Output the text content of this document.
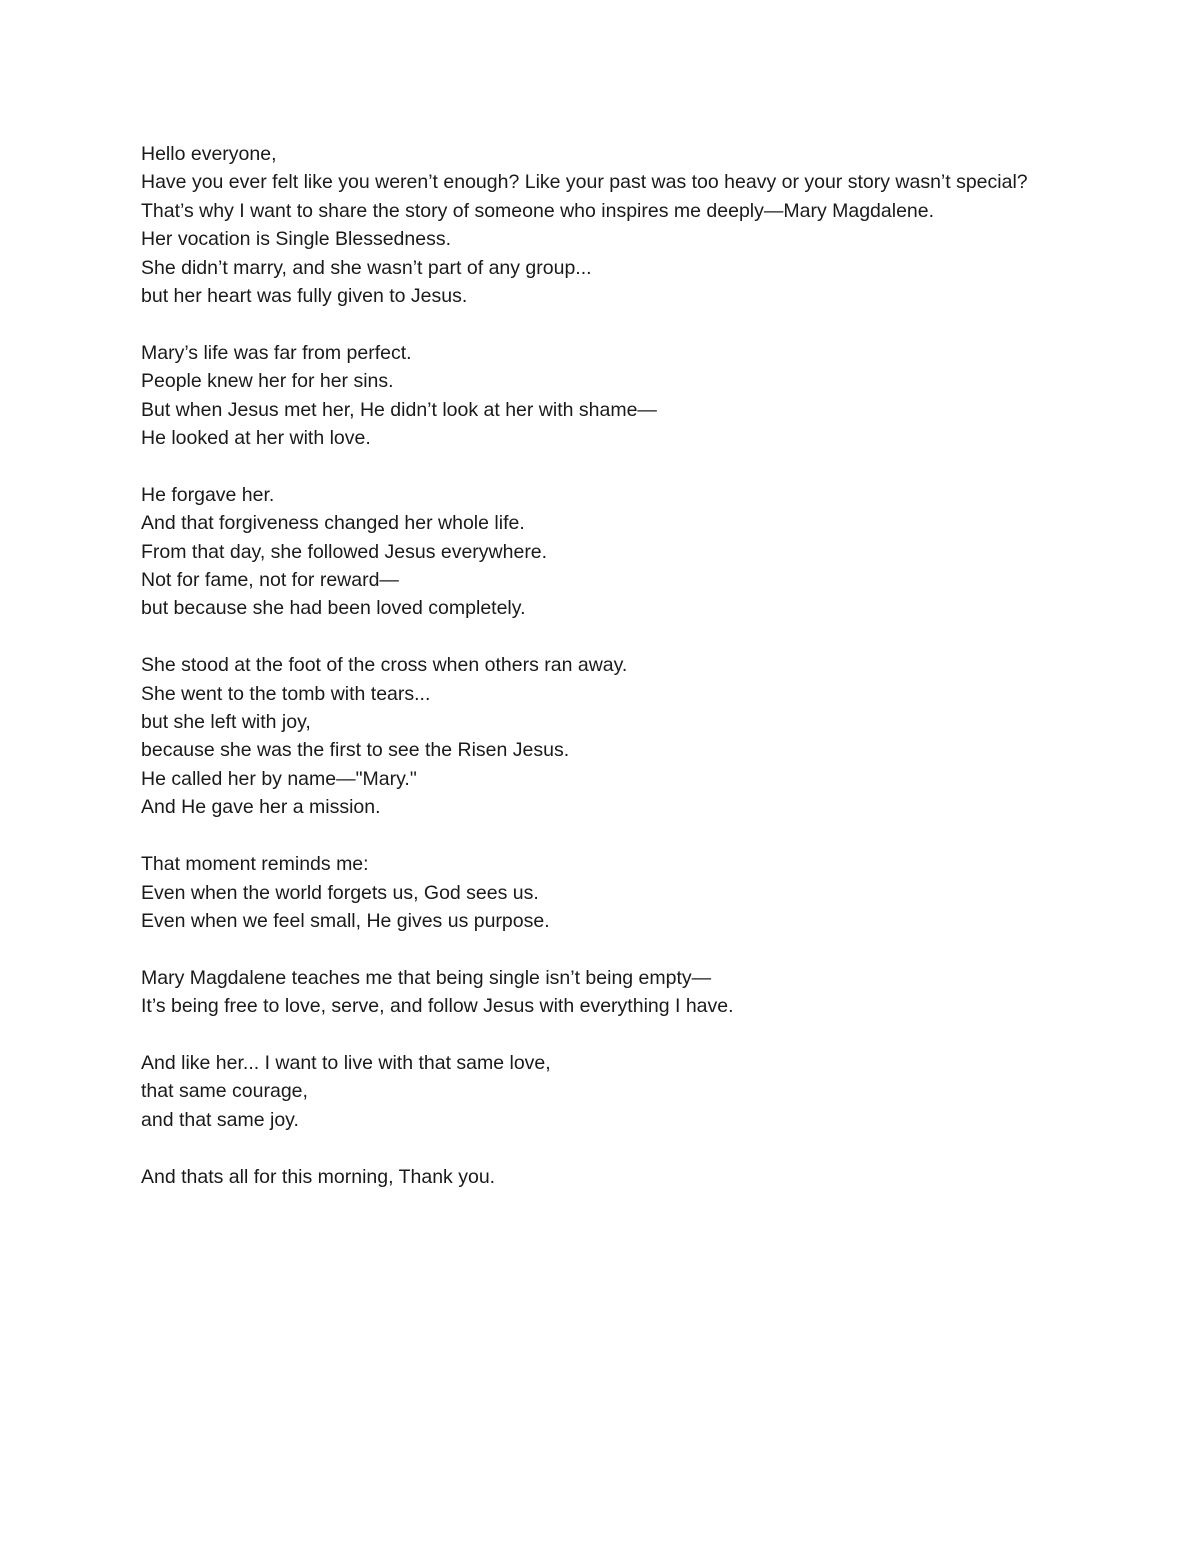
Hello everyone,
Have you ever felt like you weren’t enough? Like your past was too heavy or your story wasn’t special?
That’s why I want to share the story of someone who inspires me deeply—Mary Magdalene.
Her vocation is Single Blessedness.
She didn’t marry, and she wasn’t part of any group...
but her heart was fully given to Jesus.
Mary’s life was far from perfect.
People knew her for her sins.
But when Jesus met her, He didn’t look at her with shame—
He looked at her with love.
He forgave her.
And that forgiveness changed her whole life.
From that day, she followed Jesus everywhere.
Not for fame, not for reward—
but because she had been loved completely.
She stood at the foot of the cross when others ran away.
She went to the tomb with tears...
but she left with joy,
because she was the first to see the Risen Jesus.
He called her by name—"Mary."
And He gave her a mission.
That moment reminds me:
Even when the world forgets us, God sees us.
Even when we feel small, He gives us purpose.
Mary Magdalene teaches me that being single isn’t being empty—
It’s being free to love, serve, and follow Jesus with everything I have.
And like her... I want to live with that same love,
that same courage,
and that same joy.
And thats all for this morning, Thank you.
